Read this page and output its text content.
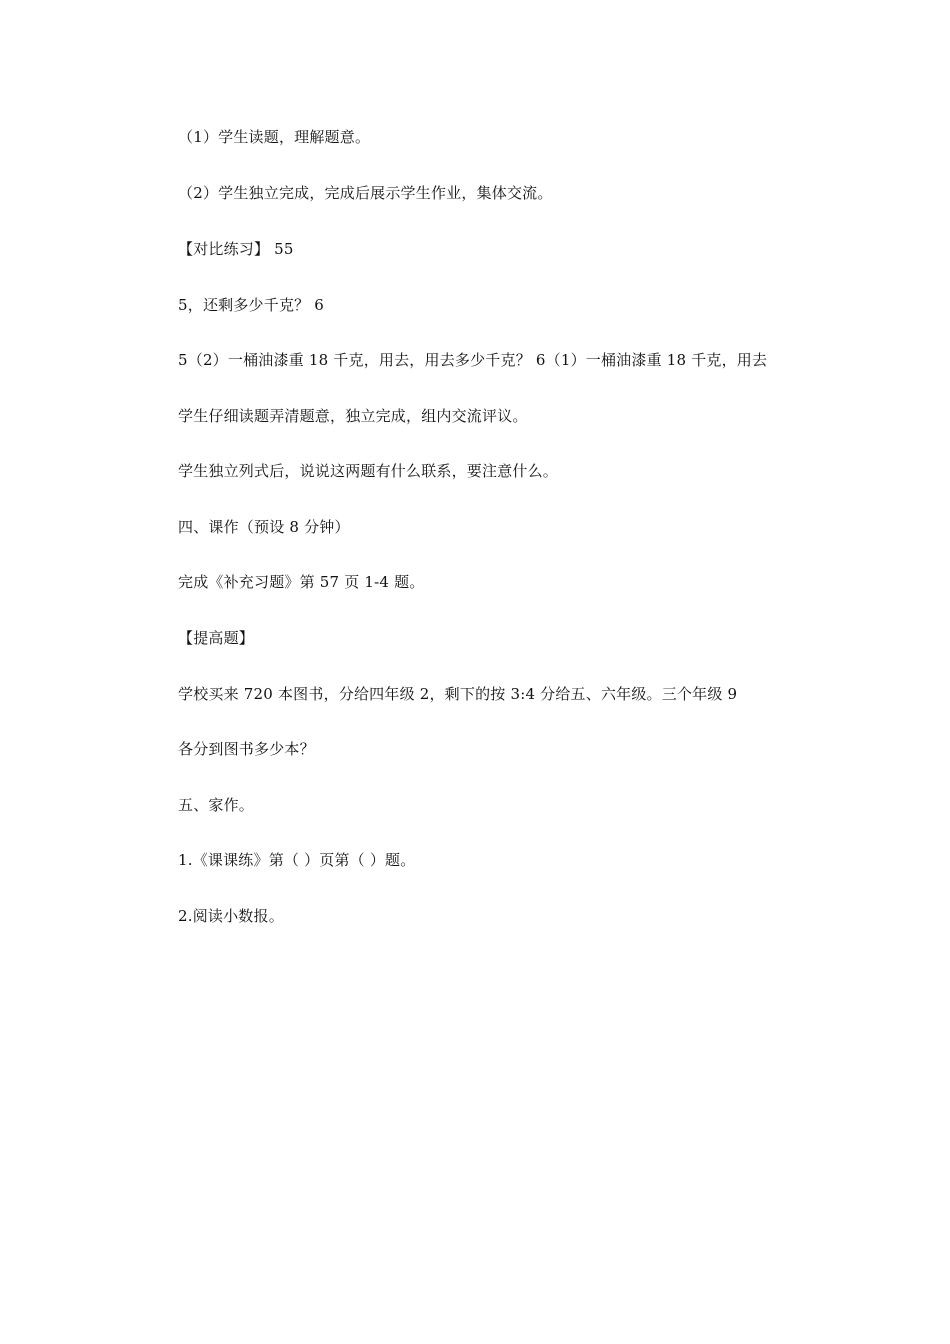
（1）学生读题，理解题意。
（2）学生独立完成，完成后展示学生作业，集体交流。
【对比练习】 55
5，还剩多少千克？ 6
5（2）一桶油漆重 18 千克，用去，用去多少千克？ 6（1）一桶油漆重 18 千克，用去
学生仔细读题弄清题意，独立完成，组内交流评议。
学生独立列式后，说说这两题有什么联系，要注意什么。
四、课作（预设 8 分钟）
完成《补充习题》第 57 页 1-4 题。
【提高题】
学校买来 720 本图书，分给四年级 2，剩下的按 3:4 分给五、六年级。三个年级 9
各分到图书多少本？
五、家作。
1.《课课练》第（ ）页第（ ）题。
2.阅读小数报。
